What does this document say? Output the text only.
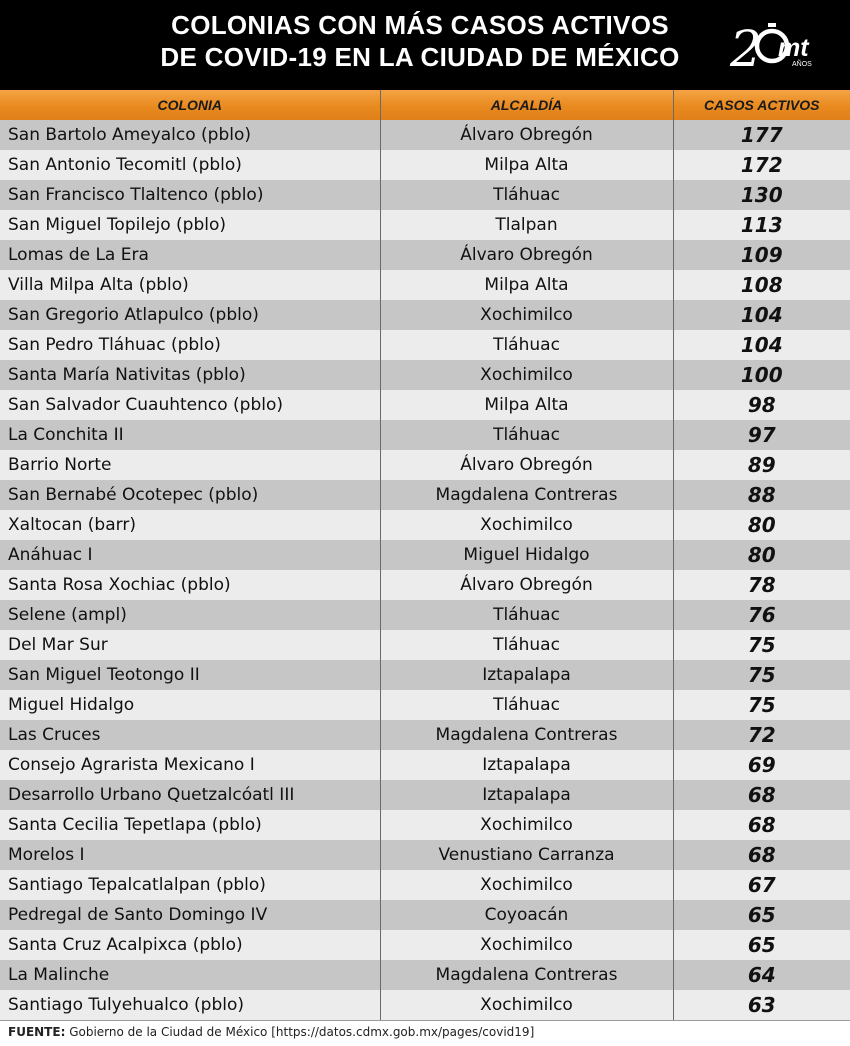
COLONIAS CON MÁS CASOS ACTIVOS
DE COVID-19 EN LA CIUDAD DE MÉXICO	2 mt
AÑOS
COLONIA	ALCALDÍA	CASOS ACTIVOS
San Bartolo Ameyalco (pblo)	Álvaro Obregón	177
San Antonio Tecomitl (pblo)	Milpa Alta	172
San Francisco Tlaltenco (pblo)	Tláhuac	130
San Miguel Topilejo (pblo)	Tlalpan	113
Lomas de La Era	Álvaro Obregón	109
Villa Milpa Alta (pblo)	Milpa Alta	108
San Gregorio Atlapulco (pblo)	Xochimilco	104
San Pedro Tláhuac (pblo)	Tláhuac	104
Santa María Nativitas (pblo)	Xochimilco	100
San Salvador Cuauhtenco (pblo)	Milpa Alta	98
La Conchita II	Tláhuac	97
Barrio Norte	Álvaro Obregón	89
San Bernabé Ocotepec (pblo)	Magdalena Contreras	88
Xaltocan (barr)	Xochimilco	80
Anáhuac I	Miguel Hidalgo	80
Santa Rosa Xochiac (pblo)	Álvaro Obregón	78
Selene (ampl)	Tláhuac	76
Del Mar Sur	Tláhuac	75
San Miguel Teotongo II	Iztapalapa	75
Miguel Hidalgo	Tláhuac	75
Las Cruces	Magdalena Contreras	72
Consejo Agrarista Mexicano I	Iztapalapa	69
Desarrollo Urbano Quetzalcóatl III	Iztapalapa	68
Santa Cecilia Tepetlapa (pblo)	Xochimilco	68
Morelos I	Venustiano Carranza	68
Santiago Tepalcatlalpan (pblo)	Xochimilco	67
Pedregal de Santo Domingo IV	Coyoacán	65
Santa Cruz Acalpixca (pblo)	Xochimilco	65
La Malinche	Magdalena Contreras	64
Santiago Tulyehualco (pblo)	Xochimilco	63
FUENTE: Gobierno de la Ciudad de México [https://datos.cdmx.gob.mx/pages/covid19]
